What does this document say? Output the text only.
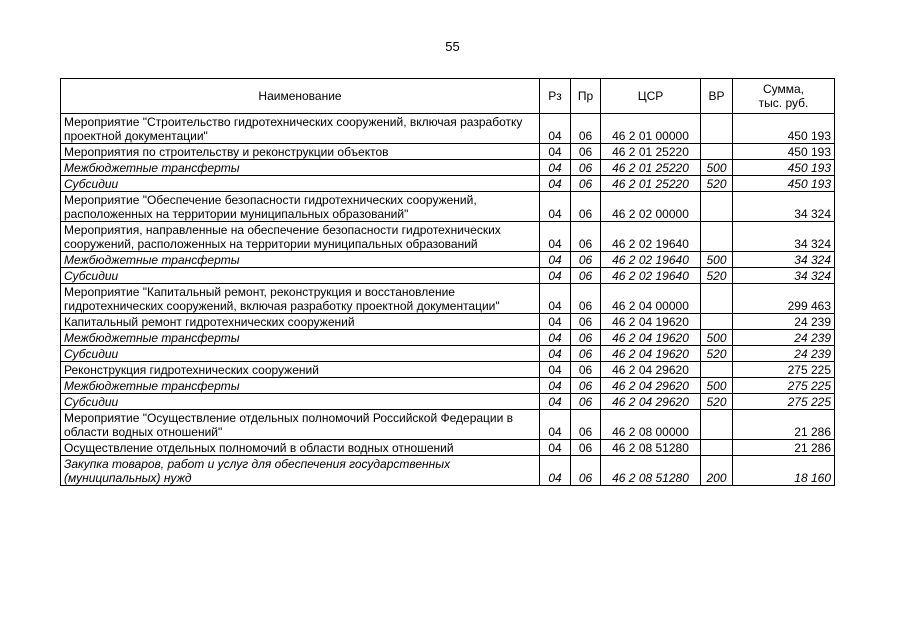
55
Наименование	Рз	Пр	ЦСР	ВР	Сумма,
тыс. руб.
Мероприятие "Строительство гидротехнических сооружений, включая разработку проектной документации"	04	06	46 2 01 00000		450 193
Мероприятия по строительству и реконструкции объектов	04	06	46 2 01 25220		450 193
Межбюджетные трансферты	04	06	46 2 01 25220	500	450 193
Субсидии	04	06	46 2 01 25220	520	450 193
Мероприятие "Обеспечение безопасности гидротехнических сооружений, расположенных на территории муниципальных образований"	04	06	46 2 02 00000		34 324
Мероприятия, направленные на обеспечение безопасности гидротехнических сооружений, расположенных на территории муниципальных образований	04	06	46 2 02 19640		34 324
Межбюджетные трансферты	04	06	46 2 02 19640	500	34 324
Субсидии	04	06	46 2 02 19640	520	34 324
Мероприятие "Капитальный ремонт, реконструкция и восстановление гидротехнических сооружений, включая разработку проектной документации"	04	06	46 2 04 00000		299 463
Капитальный ремонт гидротехнических сооружений	04	06	46 2 04 19620		24 239
Межбюджетные трансферты	04	06	46 2 04 19620	500	24 239
Субсидии	04	06	46 2 04 19620	520	24 239
Реконструкция гидротехнических сооружений	04	06	46 2 04 29620		275 225
Межбюджетные трансферты	04	06	46 2 04 29620	500	275 225
Субсидии	04	06	46 2 04 29620	520	275 225
Мероприятие "Осуществление отдельных полномочий Российской Федерации в области водных отношений"	04	06	46 2 08 00000		21 286
Осуществление отдельных полномочий в области водных отношений	04	06	46 2 08 51280		21 286
Закупка товаров, работ и услуг для обеспечения государственных (муниципальных) нужд	04	06	46 2 08 51280	200	18 160
